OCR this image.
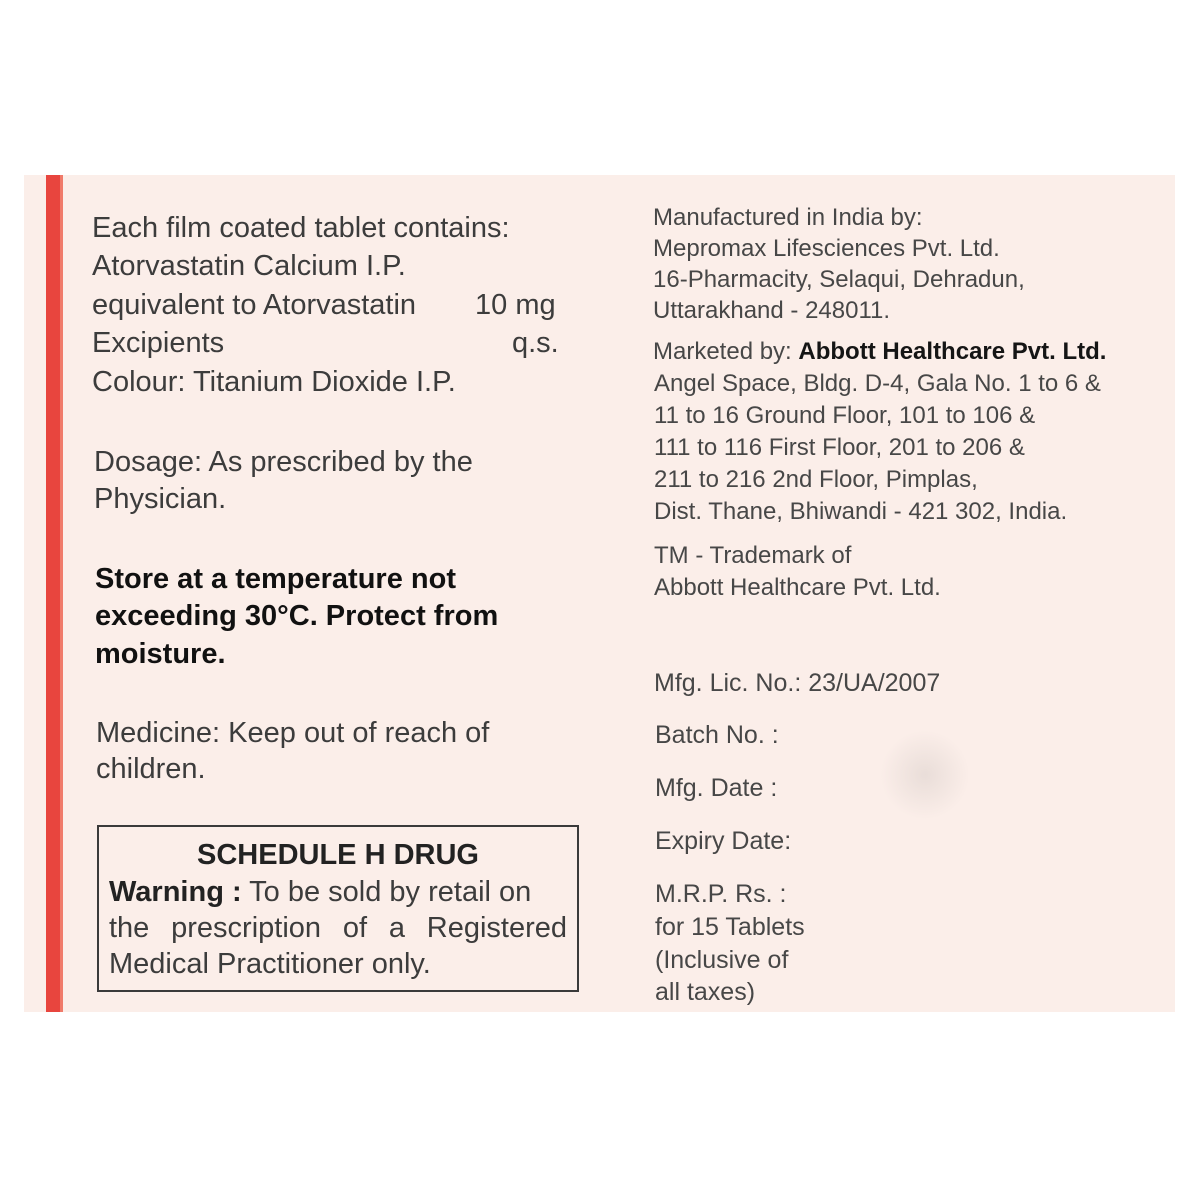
Each film coated tablet contains:
Atorvastatin Calcium I.P.
equivalent to Atorvastatin 10 mg
Excipients	q.s.
Colour: Titanium Dioxide I.P.
Dosage: As prescribed by the
Physician.
Store at a temperature not
exceeding 30°C. Protect from
moisture.
Medicine: Keep out of reach of
children.
SCHEDULE H DRUG
Warning : To be sold by retail on
the prescription of a Registered
Medical Practitioner only.
Manufactured in India by:
Mepromax Lifesciences Pvt. Ltd.
16-Pharmacity, Selaqui, Dehradun,
Uttarakhand - 248011.
Marketed by: Abbott Healthcare Pvt. Ltd.
Angel Space, Bldg. D-4, Gala No. 1 to 6 &
11 to 16 Ground Floor, 101 to 106 &
111 to 116 First Floor, 201 to 206 &
211 to 216 2nd Floor, Pimplas,
Dist. Thane, Bhiwandi - 421 302, India.
TM - Trademark of
Abbott Healthcare Pvt. Ltd.
Mfg. Lic. No.: 23/UA/2007
Batch No. :
Mfg. Date :
Expiry Date:
M.R.P. Rs. :
for 15 Tablets
(Inclusive of
all taxes)
